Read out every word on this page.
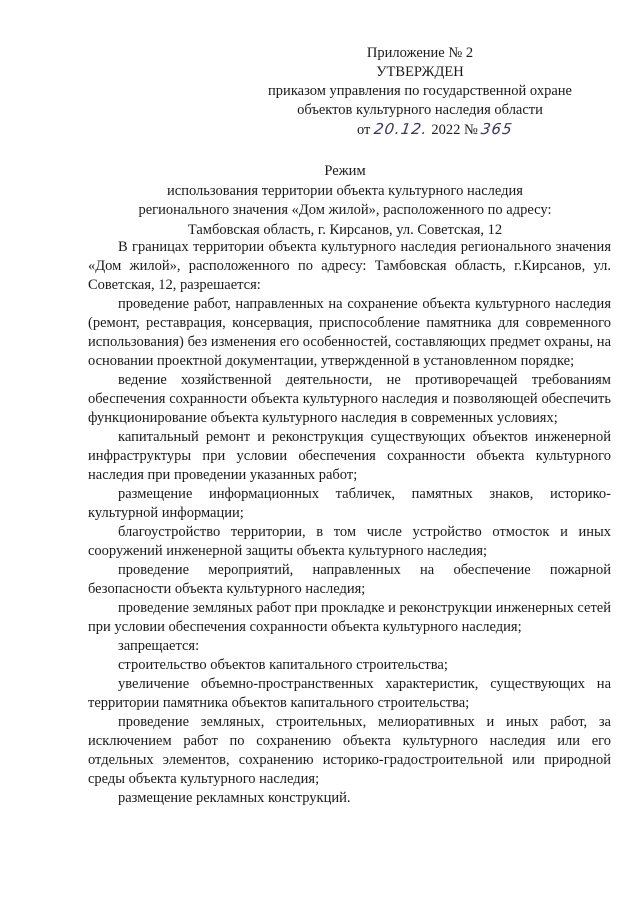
Приложение № 2
УТВЕРЖДЕН
приказом управления по государственной охране
объектов культурного наследия области
от 20.12. 2022 № 365
Режим
использования территории объекта культурного наследия
регионального значения «Дом жилой», расположенного по адресу:
Тамбовская область, г. Кирсанов, ул. Советская, 12

В границах территории объекта культурного наследия регионального значения «Дом жилой», расположенного по адресу: Тамбовская область, г.Кирсанов, ул. Советская, 12, разрешается:

проведение работ, направленных на сохранение объекта культурного наследия (ремонт, реставрация, консервация, приспособление памятника для современного использования) без изменения его особенностей, составляющих предмет охраны, на основании проектной документации, утвержденной в установленном порядке;

ведение хозяйственной деятельности, не противоречащей требованиям обеспечения сохранности объекта культурного наследия и позволяющей обеспечить функционирование объекта культурного наследия в современных условиях;

капитальный ремонт и реконструкция существующих объектов инженерной инфраструктуры при условии обеспечения сохранности объекта культурного наследия при проведении указанных работ;

размещение информационных табличек, памятных знаков, историко-культурной информации;

благоустройство территории, в том числе устройство отмосток и иных сооружений инженерной защиты объекта культурного наследия;

проведение мероприятий, направленных на обеспечение пожарной безопасности объекта культурного наследия;

проведение земляных работ при прокладке и реконструкции инженерных сетей при условии обеспечения сохранности объекта культурного наследия;

запрещается:

строительство объектов капитального строительства;

увеличение объемно-пространственных характеристик, существующих на территории памятника объектов капитального строительства;

проведение земляных, строительных, мелиоративных и иных работ, за исключением работ по сохранению объекта культурного наследия или его отдельных элементов, сохранению историко-градостроительной или природной среды объекта культурного наследия;

размещение рекламных конструкций.
